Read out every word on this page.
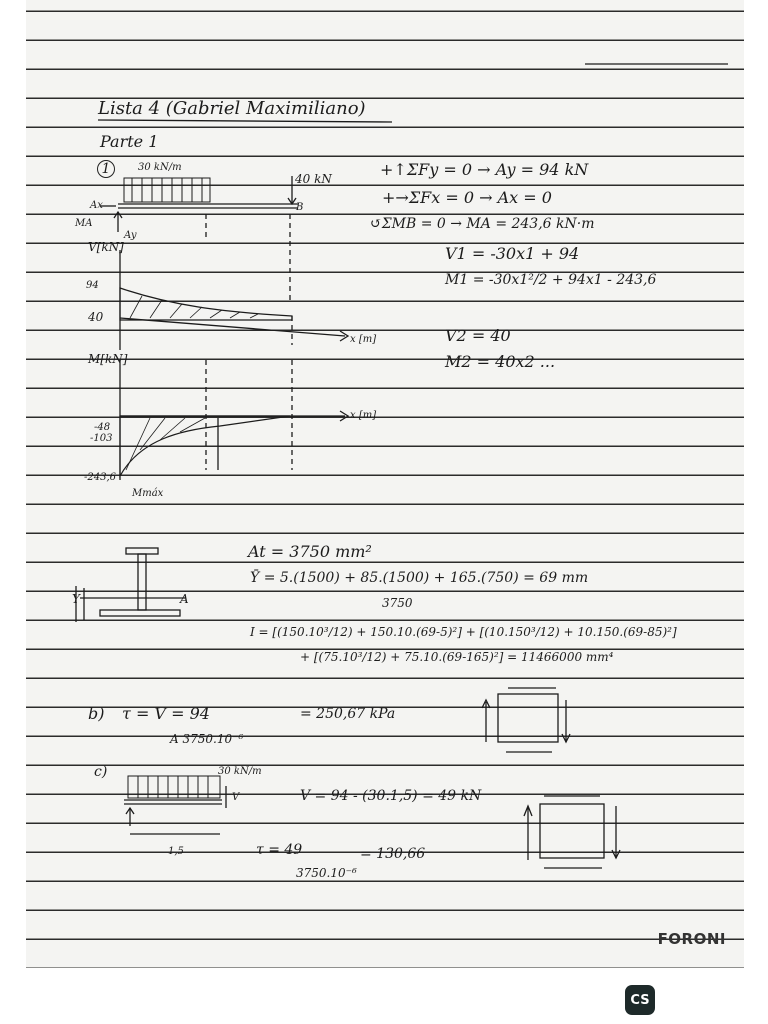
Lista 4 (Gabriel Maximiliano)
Parte 1
1	30 kN/m
40 kN
Ax
MA
Ay
B
V[kN]
94
40
x [m]
M[kN]
x [m]
-48
-103
-243,6
Mmáx
+↑ΣFy = 0 → Ay = 94 kN
+→ΣFx = 0 → Ax = 0
↺ΣMB = 0 → MA = 243,6 kN·m
V1 = -30x1 + 94
M1 = -30x1²/2 + 94x1 - 243,6
V2 = 40
M2 = 40x2 ...
At = 3750 mm²
Ȳ = 5.(1500) + 85.(1500) + 165.(750) = 69 mm
3750
I = [(150.10³/12) + 150.10.(69-5)²] + [(10.150³/12) + 10.150.(69-85)²]
+ [(75.10³/12) + 75.10.(69-165)²] = 11466000 mm⁴
Y	A
b) τ = V = 94
A 3750.10⁻⁶
= 250,67 kPa
c)	30 kN/m
V	V = 94 - (30.1,5) = 49 kN
1,5	τ = 49
3750.10⁻⁶
= 130,66
FORONI
CS
